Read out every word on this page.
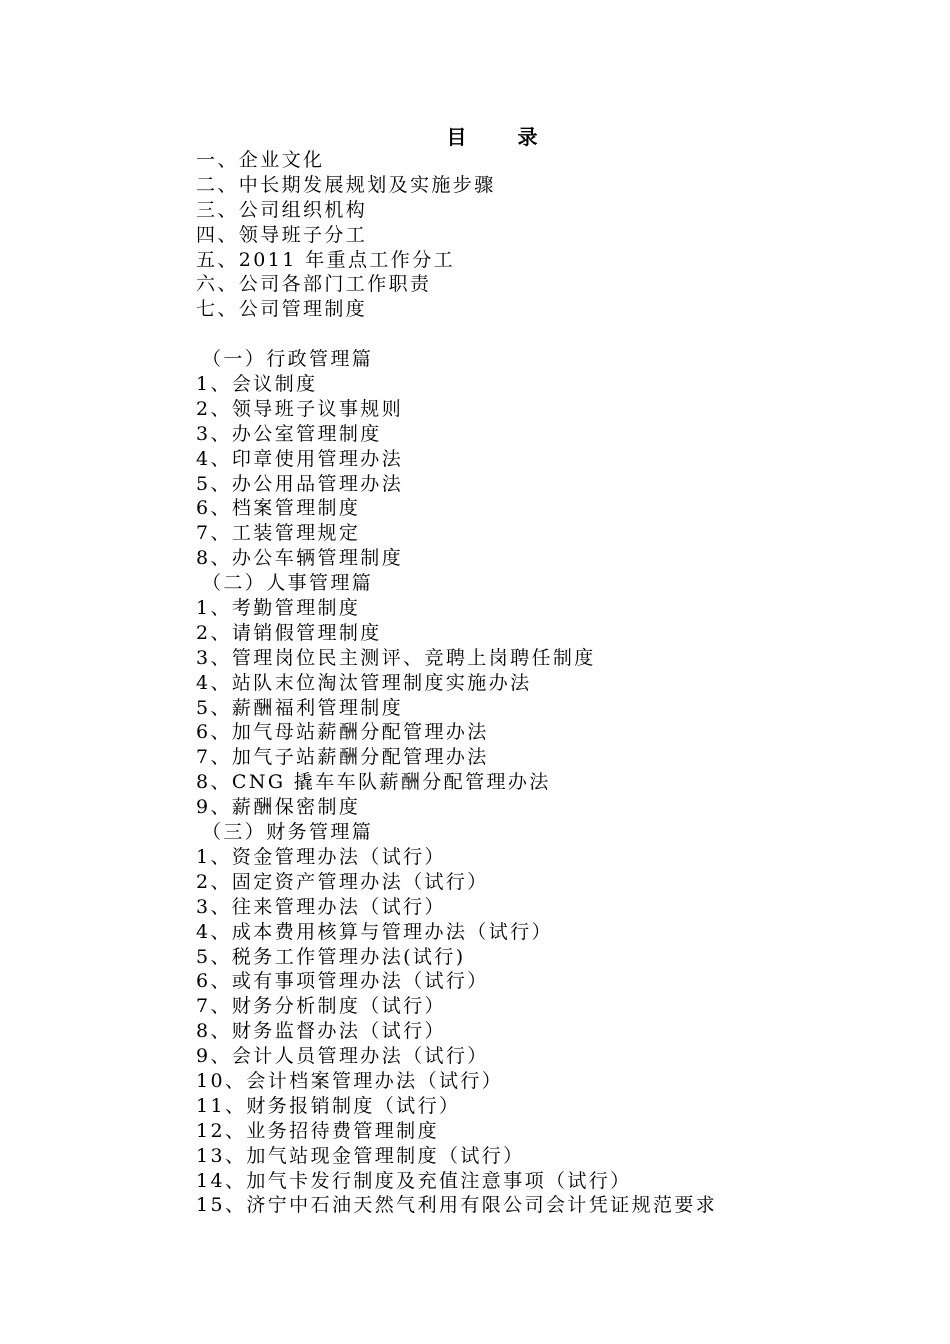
目 录
一、企业文化
二、中长期发展规划及实施步骤
三、公司组织机构
四、领导班子分工
五、2011 年重点工作分工
六、公司各部门工作职责
七、公司管理制度
（一）行政管理篇
1、会议制度
2、领导班子议事规则
3、办公室管理制度
4、印章使用管理办法
5、办公用品管理办法
6、档案管理制度
7、工装管理规定
8、办公车辆管理制度
（二）人事管理篇
1、考勤管理制度
2、请销假管理制度
3、管理岗位民主测评、竞聘上岗聘任制度
4、站队末位淘汰管理制度实施办法
5、薪酬福利管理制度
6、加气母站薪酬分配管理办法
7、加气子站薪酬分配管理办法
8、CNG 撬车车队薪酬分配管理办法
9、薪酬保密制度
（三）财务管理篇
1、资金管理办法（试行）
2、固定资产管理办法（试行）
3、往来管理办法（试行）
4、成本费用核算与管理办法（试行）
5、税务工作管理办法(试行)
6、或有事项管理办法（试行）
7、财务分析制度（试行）
8、财务监督办法（试行）
9、会计人员管理办法（试行）
10、会计档案管理办法（试行）
11、财务报销制度（试行）
12、业务招待费管理制度
13、加气站现金管理制度（试行）
14、加气卡发行制度及充值注意事项（试行）
15、济宁中石油天然气利用有限公司会计凭证规范要求
